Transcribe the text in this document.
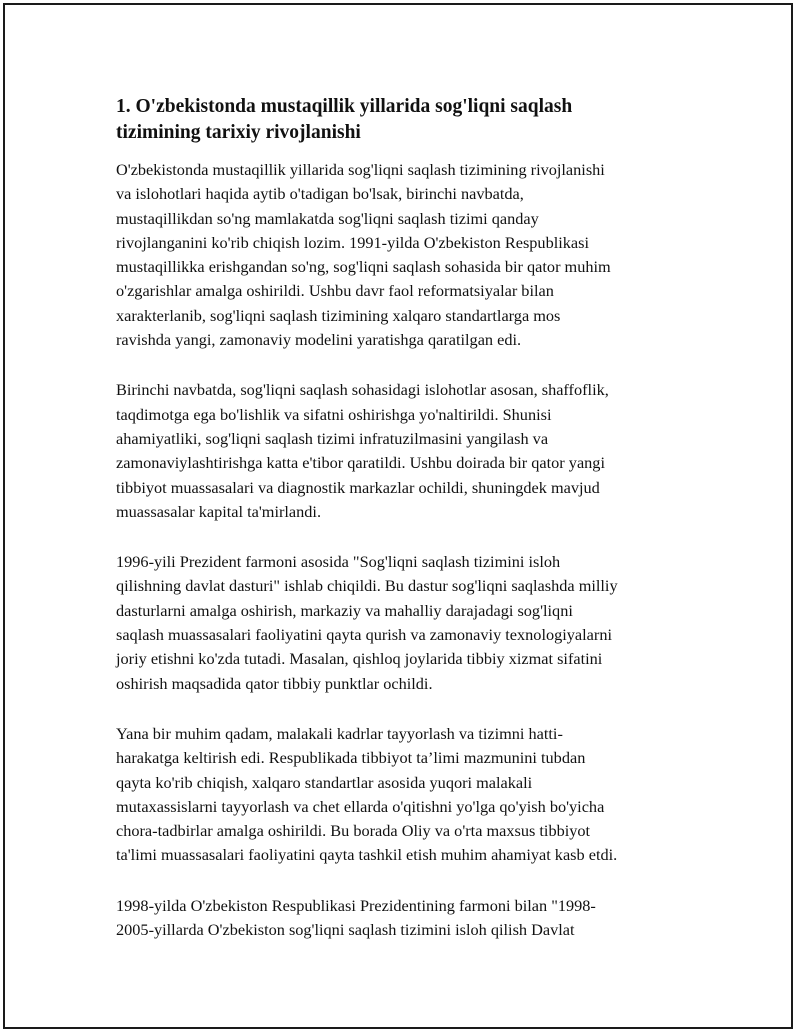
1. O'zbekistonda mustaqillik yillarida sog'liqni saqlash
tizimining tarixiy rivojlanishi

O'zbekistonda mustaqillik yillarida sog'liqni saqlash tizimining rivojlanishi
va islohotlari haqida aytib o'tadigan bo'lsak, birinchi navbatda,
mustaqillikdan so'ng mamlakatda sog'liqni saqlash tizimi qanday
rivojlanganini ko'rib chiqish lozim. 1991-yilda O'zbekiston Respublikasi
mustaqillikka erishgandan so'ng, sog'liqni saqlash sohasida bir qator muhim
o'zgarishlar amalga oshirildi. Ushbu davr faol reformatsiyalar bilan
xarakterlanib, sog'liqni saqlash tizimining xalqaro standartlarga mos
ravishda yangi, zamonaviy modelini yaratishga qaratilgan edi.

Birinchi navbatda, sog'liqni saqlash sohasidagi islohotlar asosan, shaffoflik,
taqdimotga ega bo'lishlik va sifatni oshirishga yo'naltirildi. Shunisi
ahamiyatliki, sog'liqni saqlash tizimi infratuzilmasini yangilash va
zamonaviylashtirishga katta e'tibor qaratildi. Ushbu doirada bir qator yangi
tibbiyot muassasalari va diagnostik markazlar ochildi, shuningdek mavjud
muassasalar kapital ta'mirlandi.

1996-yili Prezident farmoni asosida "Sog'liqni saqlash tizimini isloh
qilishning davlat dasturi" ishlab chiqildi. Bu dastur sog'liqni saqlashda milliy
dasturlarni amalga oshirish, markaziy va mahalliy darajadagi sog'liqni
saqlash muassasalari faoliyatini qayta qurish va zamonaviy texnologiyalarni
joriy etishni ko'zda tutadi. Masalan, qishloq joylarida tibbiy xizmat sifatini
oshirish maqsadida qator tibbiy punktlar ochildi.

Yana bir muhim qadam, malakali kadrlar tayyorlash va tizimni hatti-
harakatga keltirish edi. Respublikada tibbiyot ta’limi mazmunini tubdan
qayta ko'rib chiqish, xalqaro standartlar asosida yuqori malakali
mutaxassislarni tayyorlash va chet ellarda o'qitishni yo'lga qo'yish bo'yicha
chora-tadbirlar amalga oshirildi. Bu borada Oliy va o'rta maxsus tibbiyot
ta'limi muassasalari faoliyatini qayta tashkil etish muhim ahamiyat kasb etdi.

1998-yilda O'zbekiston Respublikasi Prezidentining farmoni bilan "1998-
2005-yillarda O'zbekiston sog'liqni saqlash tizimini isloh qilish Davlat
